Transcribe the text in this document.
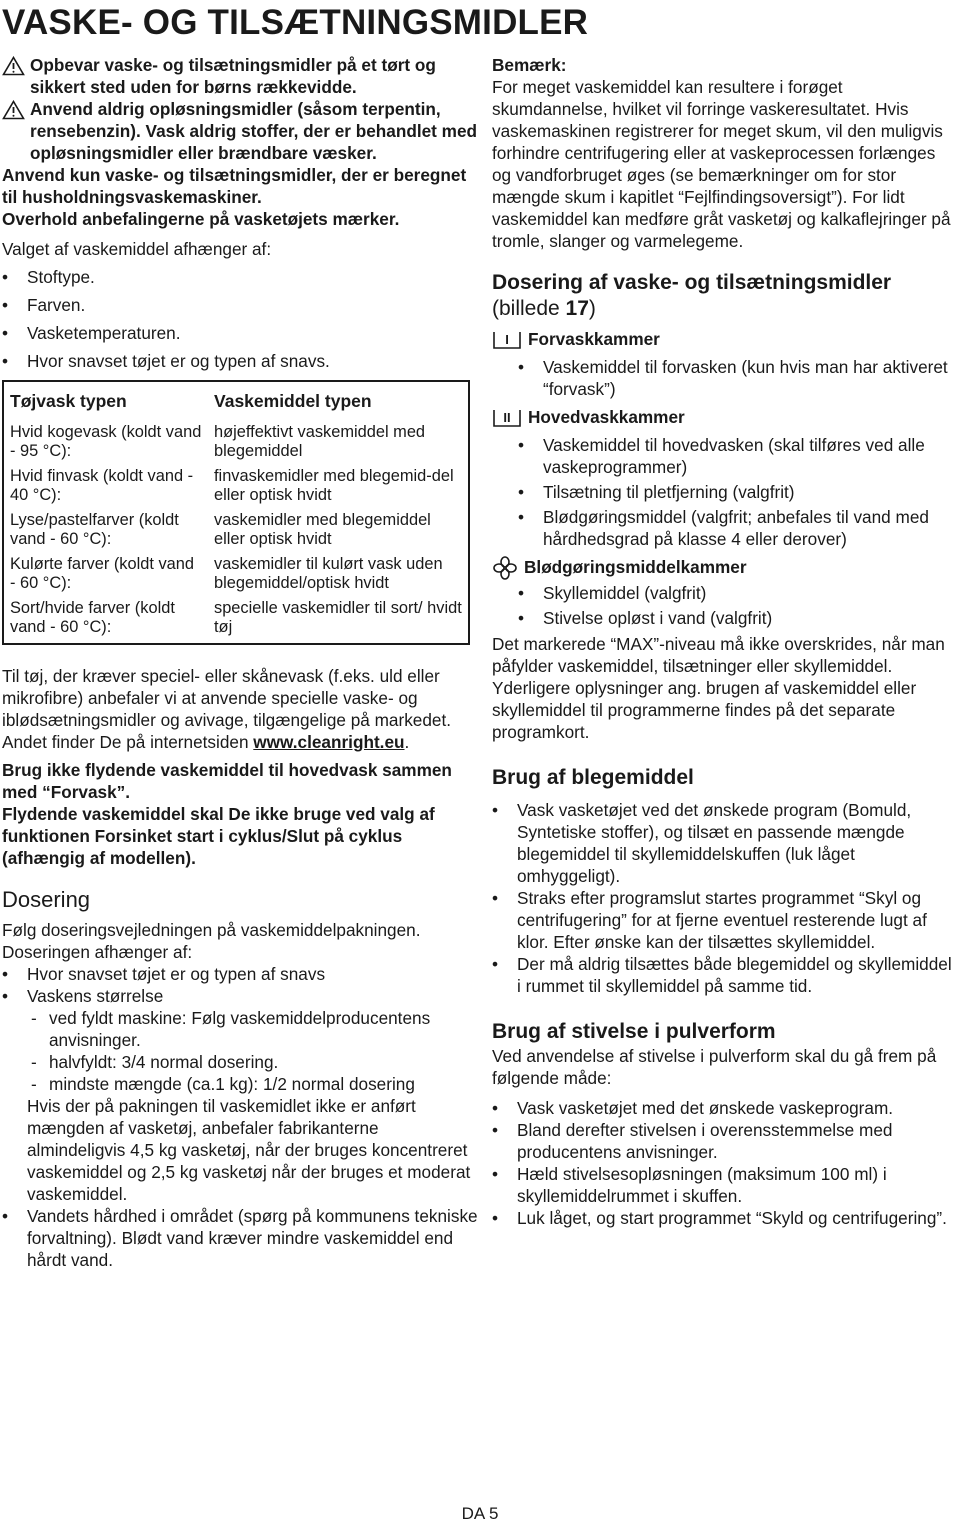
VASKE- OG TILSÆTNINGSMIDLER
Opbevar vaske- og tilsætningsmidler på et tørt og sikkert sted uden for børns rækkevidde.
Anvend aldrig opløsningsmidler (såsom terpentin, rensebenzin). Vask aldrig stoffer, der er behandlet med opløsningsmidler eller brændbare væsker.
Anvend kun vaske- og tilsætningsmidler, der er beregnet til husholdningsvaskemaskiner.
Overhold anbefalingerne på vasketøjets mærker.
Valget af vaskemiddel afhænger af:
• Stoftype.
• Farven.
• Vasketemperaturen.
• Hvor snavset tøjet er og typen af snavs.
Tøjvask typen	Vaskemiddel typen
Hvid kogevask (koldt vand - 95 °C):	højeffektivt vaskemiddel med blegemiddel
Hvid finvask (koldt vand - 40 °C):	finvaskemidler med blegemid-del eller optisk hvidt
Lyse/pastelfarver (koldt vand - 60 °C):	vaskemidler med blegemiddel eller optisk hvidt
Kulørte farver (koldt vand - 60 °C):	vaskemidler til kulørt vask uden blegemiddel/optisk hvidt
Sort/hvide farver (koldt vand - 60 °C):	specielle vaskemidler til sort/ hvidt tøj
Til tøj, der kræver speciel- eller skånevask (f.eks. uld eller mikrofibre) anbefaler vi at anvende specielle vaske- og iblødsætningsmidler og avivage, tilgængelige på markedet.
Andet finder De på internetsiden www.cleanright.eu.
Brug ikke flydende vaskemiddel til hovedvask sammen med “Forvask”.
Flydende vaskemiddel skal De ikke bruge ved valg af funktionen Forsinket start i cyklus/Slut på cyklus (afhængig af modellen).
Dosering
Følg doseringsvejledningen på vaskemiddelpakningen. Doseringen afhænger af:
• Hvor snavset tøjet er og typen af snavs
• Vaskens størrelse
- ved fyldt maskine: Følg vaskemiddelproducentens anvisninger.
- halvfyldt: 3/4 normal dosering.
- mindste mængde (ca.1 kg): 1/2 normal dosering
Hvis der på pakningen til vaskemidlet ikke er anført mængden af vasketøj, anbefaler fabrikanterne almindeligvis 4,5 kg vasketøj, når der bruges koncentreret vaskemiddel og 2,5 kg vasketøj når der bruges et moderat vaskemiddel.
• Vandets hårdhed i området (spørg på kommunens tekniske forvaltning). Blødt vand kræver mindre vaskemiddel end hårdt vand.
Bemærk:
For meget vaskemiddel kan resultere i forøget skumdannelse, hvilket vil forringe vaskeresultatet. Hvis vaskemaskinen registrerer for meget skum, vil den muligvis forhindre centrifugering eller at vaskeprocessen forlænges og vandforbruget øges (se bemærkninger om for stor mængde skum i kapitlet “Fejlfindingsoversigt”). For lidt vaskemiddel kan medføre gråt vasketøj og kalkaflejringer på tromle, slanger og varmelegeme.
Dosering af vaske- og tilsætningsmidler
(billede 17)
I Forvaskkammer
• Vaskemiddel til forvasken (kun hvis man har aktiveret “forvask”)
II Hovedvaskkammer
• Vaskemiddel til hovedvasken (skal tilføres ved alle vaskeprogrammer)
• Tilsætning til pletfjerning (valgfrit)
• Blødgøringsmiddel (valgfrit; anbefales til vand med hårdhedsgrad på klasse 4 eller derover)
Blødgøringsmiddelkammer
• Skyllemiddel (valgfrit)
• Stivelse opløst i vand (valgfrit)
Det markerede “MAX”-niveau må ikke overskrides, når man påfylder vaskemiddel, tilsætninger eller skyllemiddel.
Yderligere oplysninger ang. brugen af vaskemiddel eller skyllemiddel til programmerne findes på det separate programkort.
Brug af blegemiddel
• Vask vasketøjet ved det ønskede program (Bomuld, Syntetiske stoffer), og tilsæt en passende mængde blegemiddel til skyllemiddelskuffen (luk låget omhyggeligt).
• Straks efter programslut startes programmet “Skyl og centrifugering” for at fjerne eventuel resterende lugt af klor. Efter ønske kan der tilsættes skyllemiddel.
• Der må aldrig tilsættes både blegemiddel og skyllemiddel i rummet til skyllemiddel på samme tid.
Brug af stivelse i pulverform
Ved anvendelse af stivelse i pulverform skal du gå frem på følgende måde:
• Vask vasketøjet med det ønskede vaskeprogram.
• Bland derefter stivelsen i overensstemmelse med producentens anvisninger.
• Hæld stivelsesopløsningen (maksimum 100 ml) i skyllemiddelrummet i skuffen.
• Luk låget, og start programmet “Skyld og centrifugering”.
DA 5
